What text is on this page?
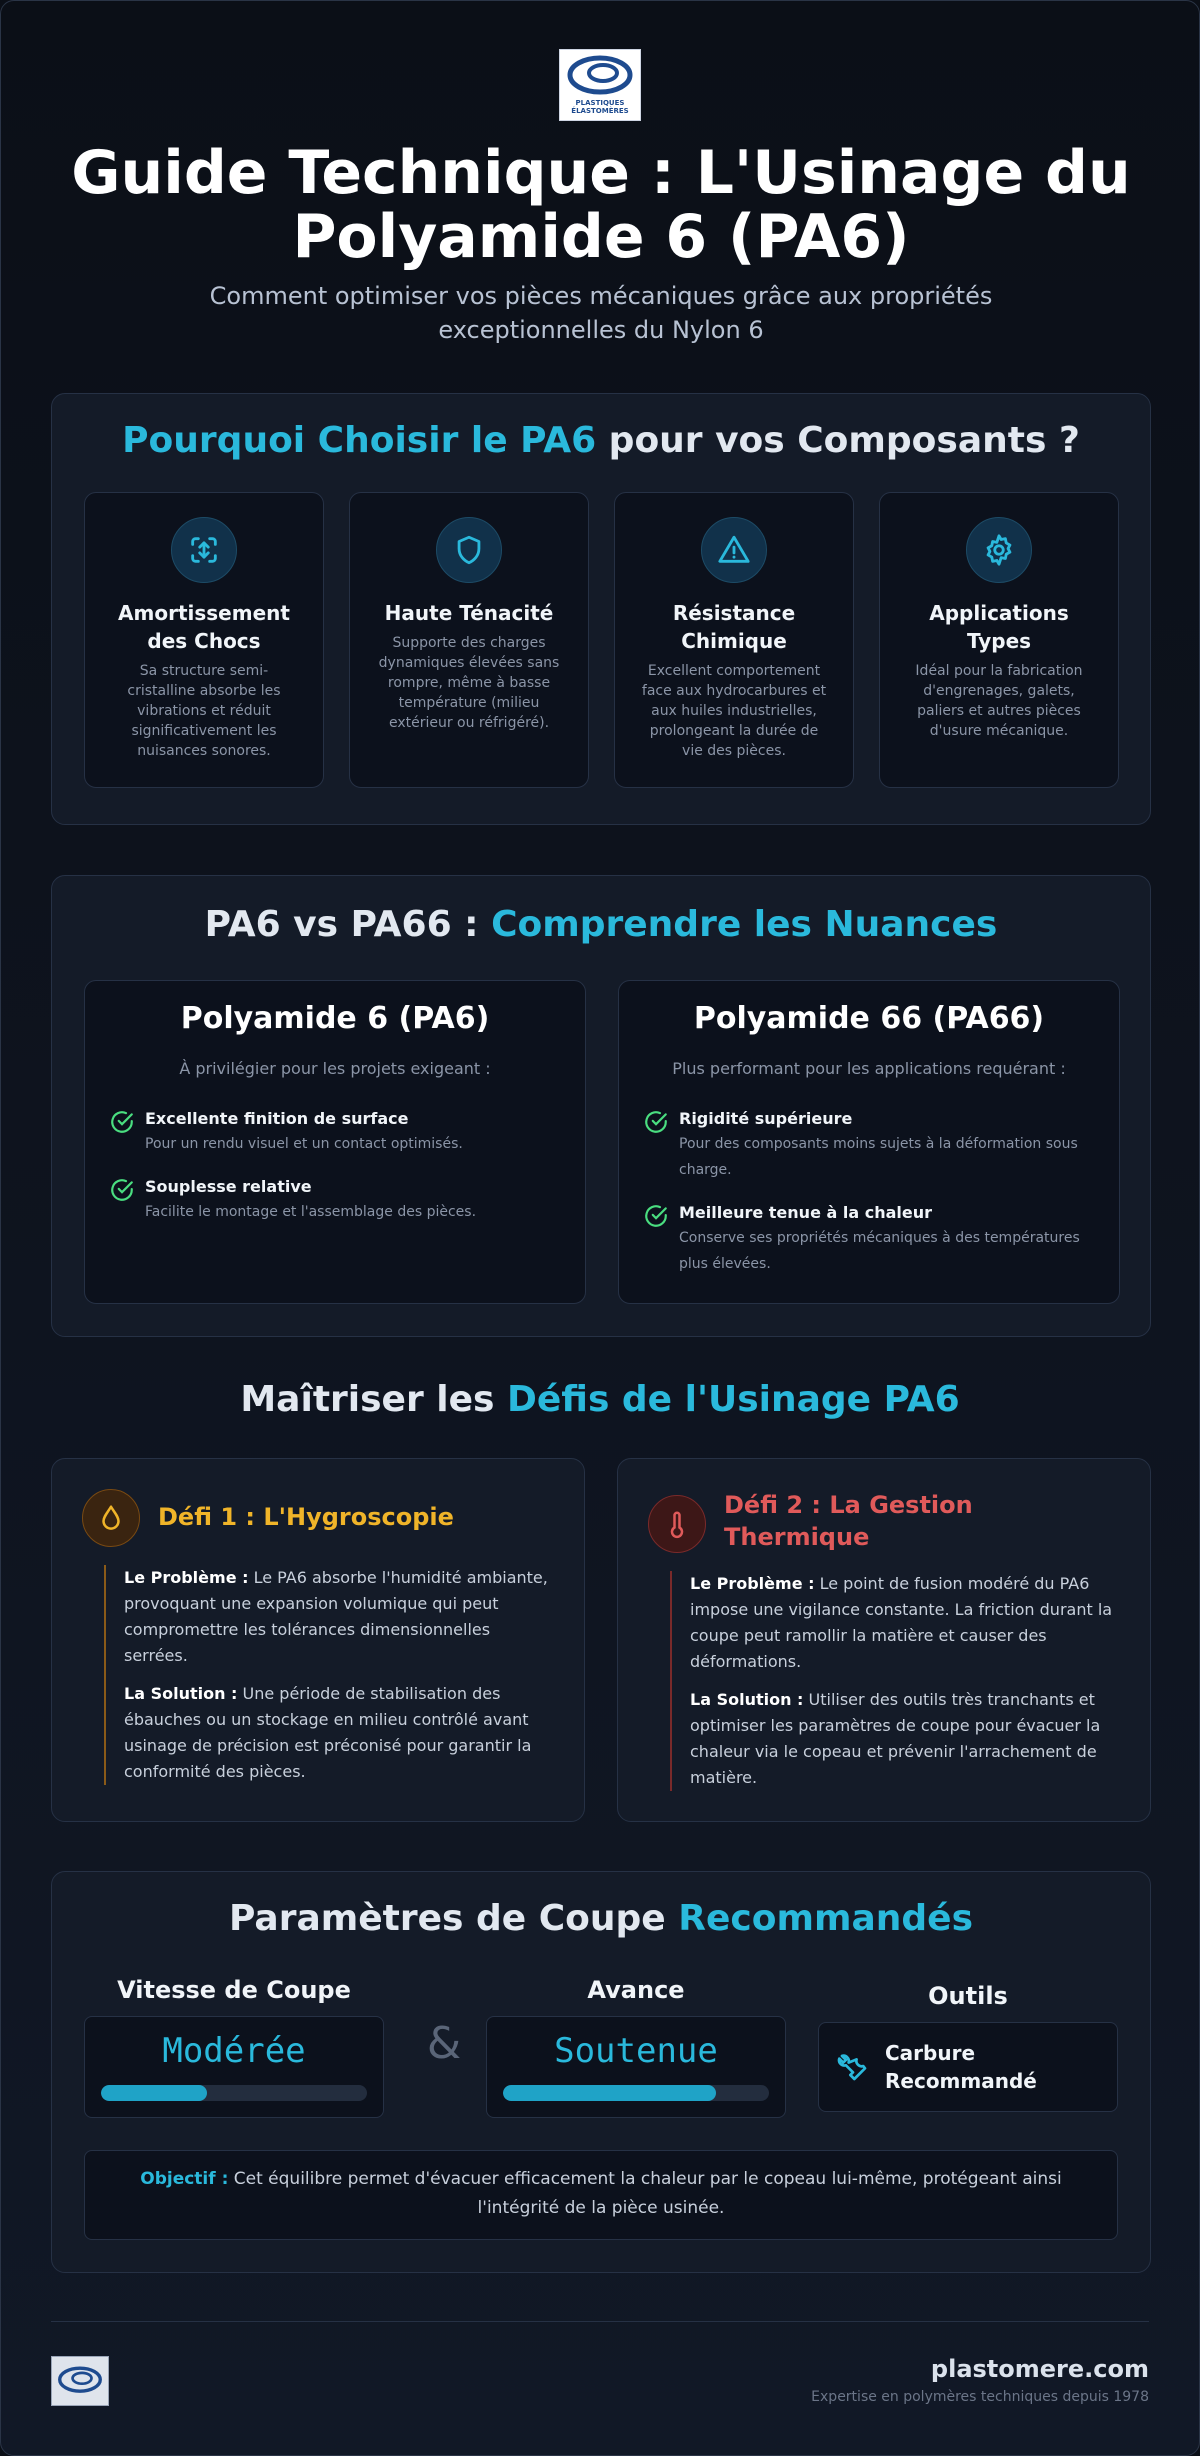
PLASTIQUES ÉLASTOMÈRES
Guide Technique : L'Usinage du Polyamide 6 (PA6)
Comment optimiser vos pièces mécaniques grâce aux propriétés exceptionnelles du Nylon 6
Pourquoi Choisir le PA6 pour vos Composants ?
Amortissement des Chocs
Sa structure semi-cristalline absorbe les vibrations et réduit significativement les nuisances sonores.
Haute Ténacité
Supporte des charges dynamiques élevées sans rompre, même à basse température (milieu extérieur ou réfrigéré).
Résistance Chimique
Excellent comportement face aux hydrocarbures et aux huiles industrielles, prolongeant la durée de vie des pièces.
Applications Types
Idéal pour la fabrication d'engrenages, galets, paliers et autres pièces d'usure mécanique.
PA6 vs PA66 : Comprendre les Nuances
Polyamide 6 (PA6)
À privilégier pour les projets exigeant :
Excellente finition de surface
Pour un rendu visuel et un contact optimisés.
Souplesse relative
Facilite le montage et l'assemblage des pièces.
Polyamide 66 (PA66)
Plus performant pour les applications requérant :
Rigidité supérieure
Pour des composants moins sujets à la déformation sous charge.
Meilleure tenue à la chaleur
Conserve ses propriétés mécaniques à des températures plus élevées.
Maîtriser les Défis de l'Usinage PA6
Défi 1 : L'Hygroscopie

Le Problème : Le PA6 absorbe l'humidité ambiante, provoquant une expansion volumique qui peut compromettre les tolérances dimensionnelles serrées.

La Solution : Une période de stabilisation des ébauches ou un stockage en milieu contrôlé avant usinage de précision est préconisé pour garantir la conformité des pièces.

Défi 2 : La Gestion Thermique

Le Problème : Le point de fusion modéré du PA6 impose une vigilance constante. La friction durant la coupe peut ramollir la matière et causer des déformations.

La Solution : Utiliser des outils très tranchants et optimiser les paramètres de coupe pour évacuer la chaleur via le copeau et prévenir l'arrachement de matière.

Paramètres de Coupe Recommandés
Vitesse de Coupe
Modérée	&
Avance
Soutenue
Outils
Carbure Recommandé
Objectif : Cet équilibre permet d'évacuer efficacement la chaleur par le copeau lui-même, protégeant ainsi l'intégrité de la pièce usinée.
plastomere.com
Expertise en polymères techniques depuis 1978
